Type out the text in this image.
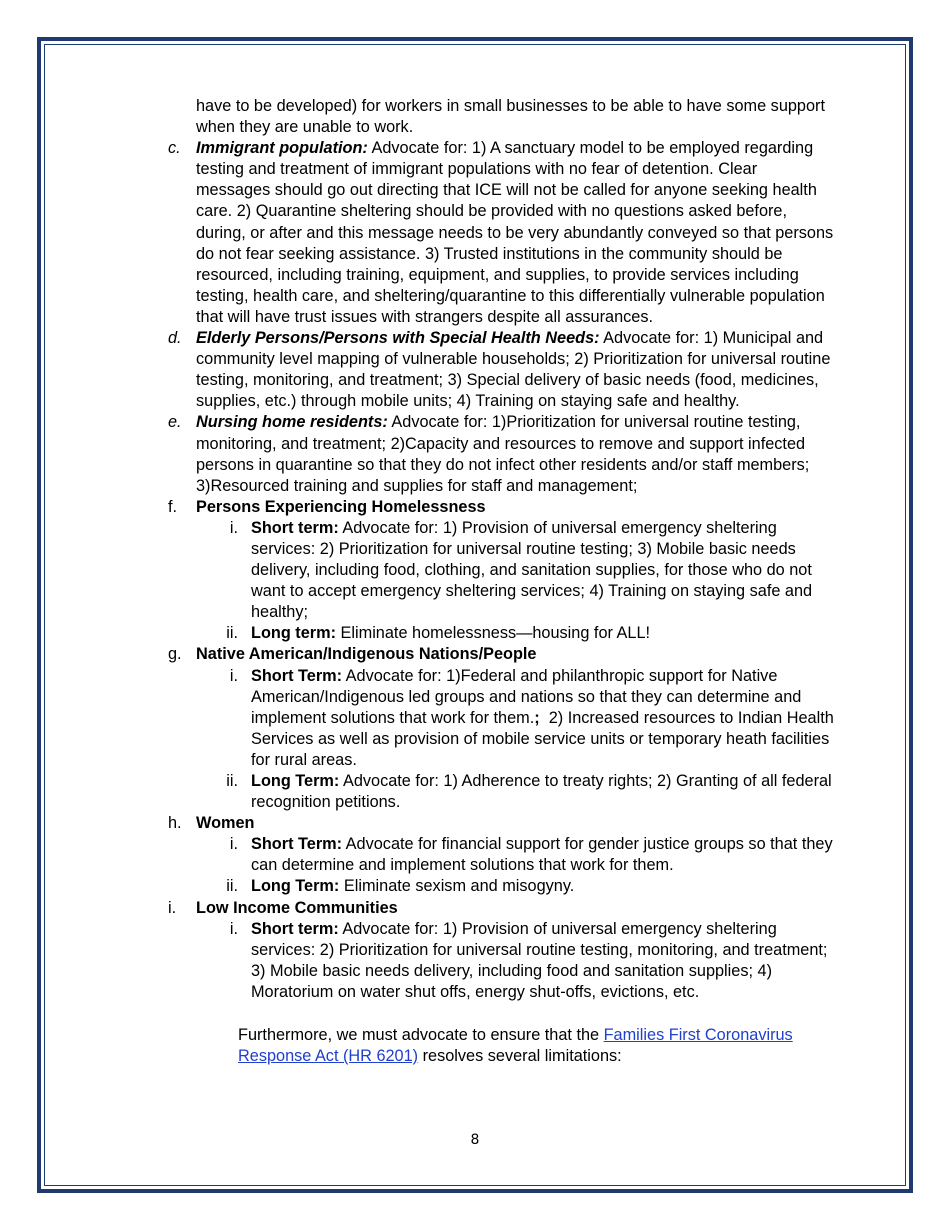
have to be developed) for workers in small businesses to be able to have some support
when they are unable to work.
c. Immigrant population: Advocate for: 1) A sanctuary model to be employed regarding
testing and treatment of immigrant populations with no fear of detention. Clear
messages should go out directing that ICE will not be called for anyone seeking health
care. 2) Quarantine sheltering should be provided with no questions asked before,
during, or after and this message needs to be very abundantly conveyed so that persons
do not fear seeking assistance. 3) Trusted institutions in the community should be
resourced, including training, equipment, and supplies, to provide services including
testing, health care, and sheltering/quarantine to this differentially vulnerable population
that will have trust issues with strangers despite all assurances.
d. Elderly Persons/Persons with Special Health Needs: Advocate for: 1) Municipal and
community level mapping of vulnerable households; 2) Prioritization for universal routine
testing, monitoring, and treatment; 3) Special delivery of basic needs (food, medicines,
supplies, etc.) through mobile units; 4) Training on staying safe and healthy.
e. Nursing home residents: Advocate for: 1)Prioritization for universal routine testing,
monitoring, and treatment; 2)Capacity and resources to remove and support infected
persons in quarantine so that they do not infect other residents and/or staff members;
3)Resourced training and supplies for staff and management;
f. Persons Experiencing Homelessness
i. Short term: Advocate for: 1) Provision of universal emergency sheltering
services: 2) Prioritization for universal routine testing; 3) Mobile basic needs
delivery, including food, clothing, and sanitation supplies, for those who do not
want to accept emergency sheltering services; 4) Training on staying safe and
healthy;
ii. Long term: Eliminate homelessness—housing for ALL!
g. Native American/Indigenous Nations/People
i. Short Term: Advocate for: 1)Federal and philanthropic support for Native
American/Indigenous led groups and nations so that they can determine and
implement solutions that work for them.;  2) Increased resources to Indian Health
Services as well as provision of mobile service units or temporary heath facilities
for rural areas.
ii. Long Term: Advocate for: 1) Adherence to treaty rights; 2) Granting of all federal
recognition petitions.
h. Women
i. Short Term: Advocate for financial support for gender justice groups so that they
can determine and implement solutions that work for them.
ii. Long Term: Eliminate sexism and misogyny.
i. Low Income Communities
i. Short term: Advocate for: 1) Provision of universal emergency sheltering
services: 2) Prioritization for universal routine testing, monitoring, and treatment;
3) Mobile basic needs delivery, including food and sanitation supplies; 4)
Moratorium on water shut offs, energy shut-offs, evictions, etc.
Furthermore, we must advocate to ensure that the Families First Coronavirus
Response Act (HR 6201) resolves several limitations:
8
